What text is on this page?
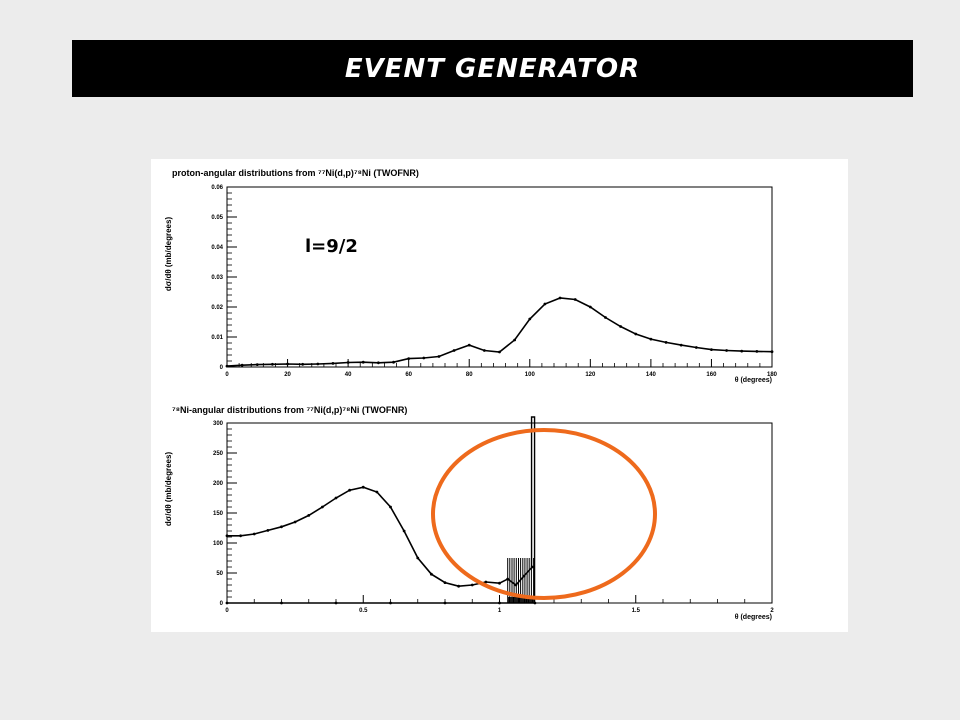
EVENT GENERATOR
proton-angular distributions from ⁷⁷Ni(d,p)⁷⁸Ni (TWOFNR)
dσ/dθ (mb/degrees)
θ (degrees)
0
0.01
0.02
0.03
0.04
0.05
0.06
0	20	40	60	80	100	120	140	160	180
l=9/2
⁷⁸Ni-angular distributions from ⁷⁷Ni(d,p)⁷⁸Ni (TWOFNR)
dσ/dθ (mb/degrees)
θ (degrees)
0
50
100
150
200
250
300
0	0.5	1	1.5	2
